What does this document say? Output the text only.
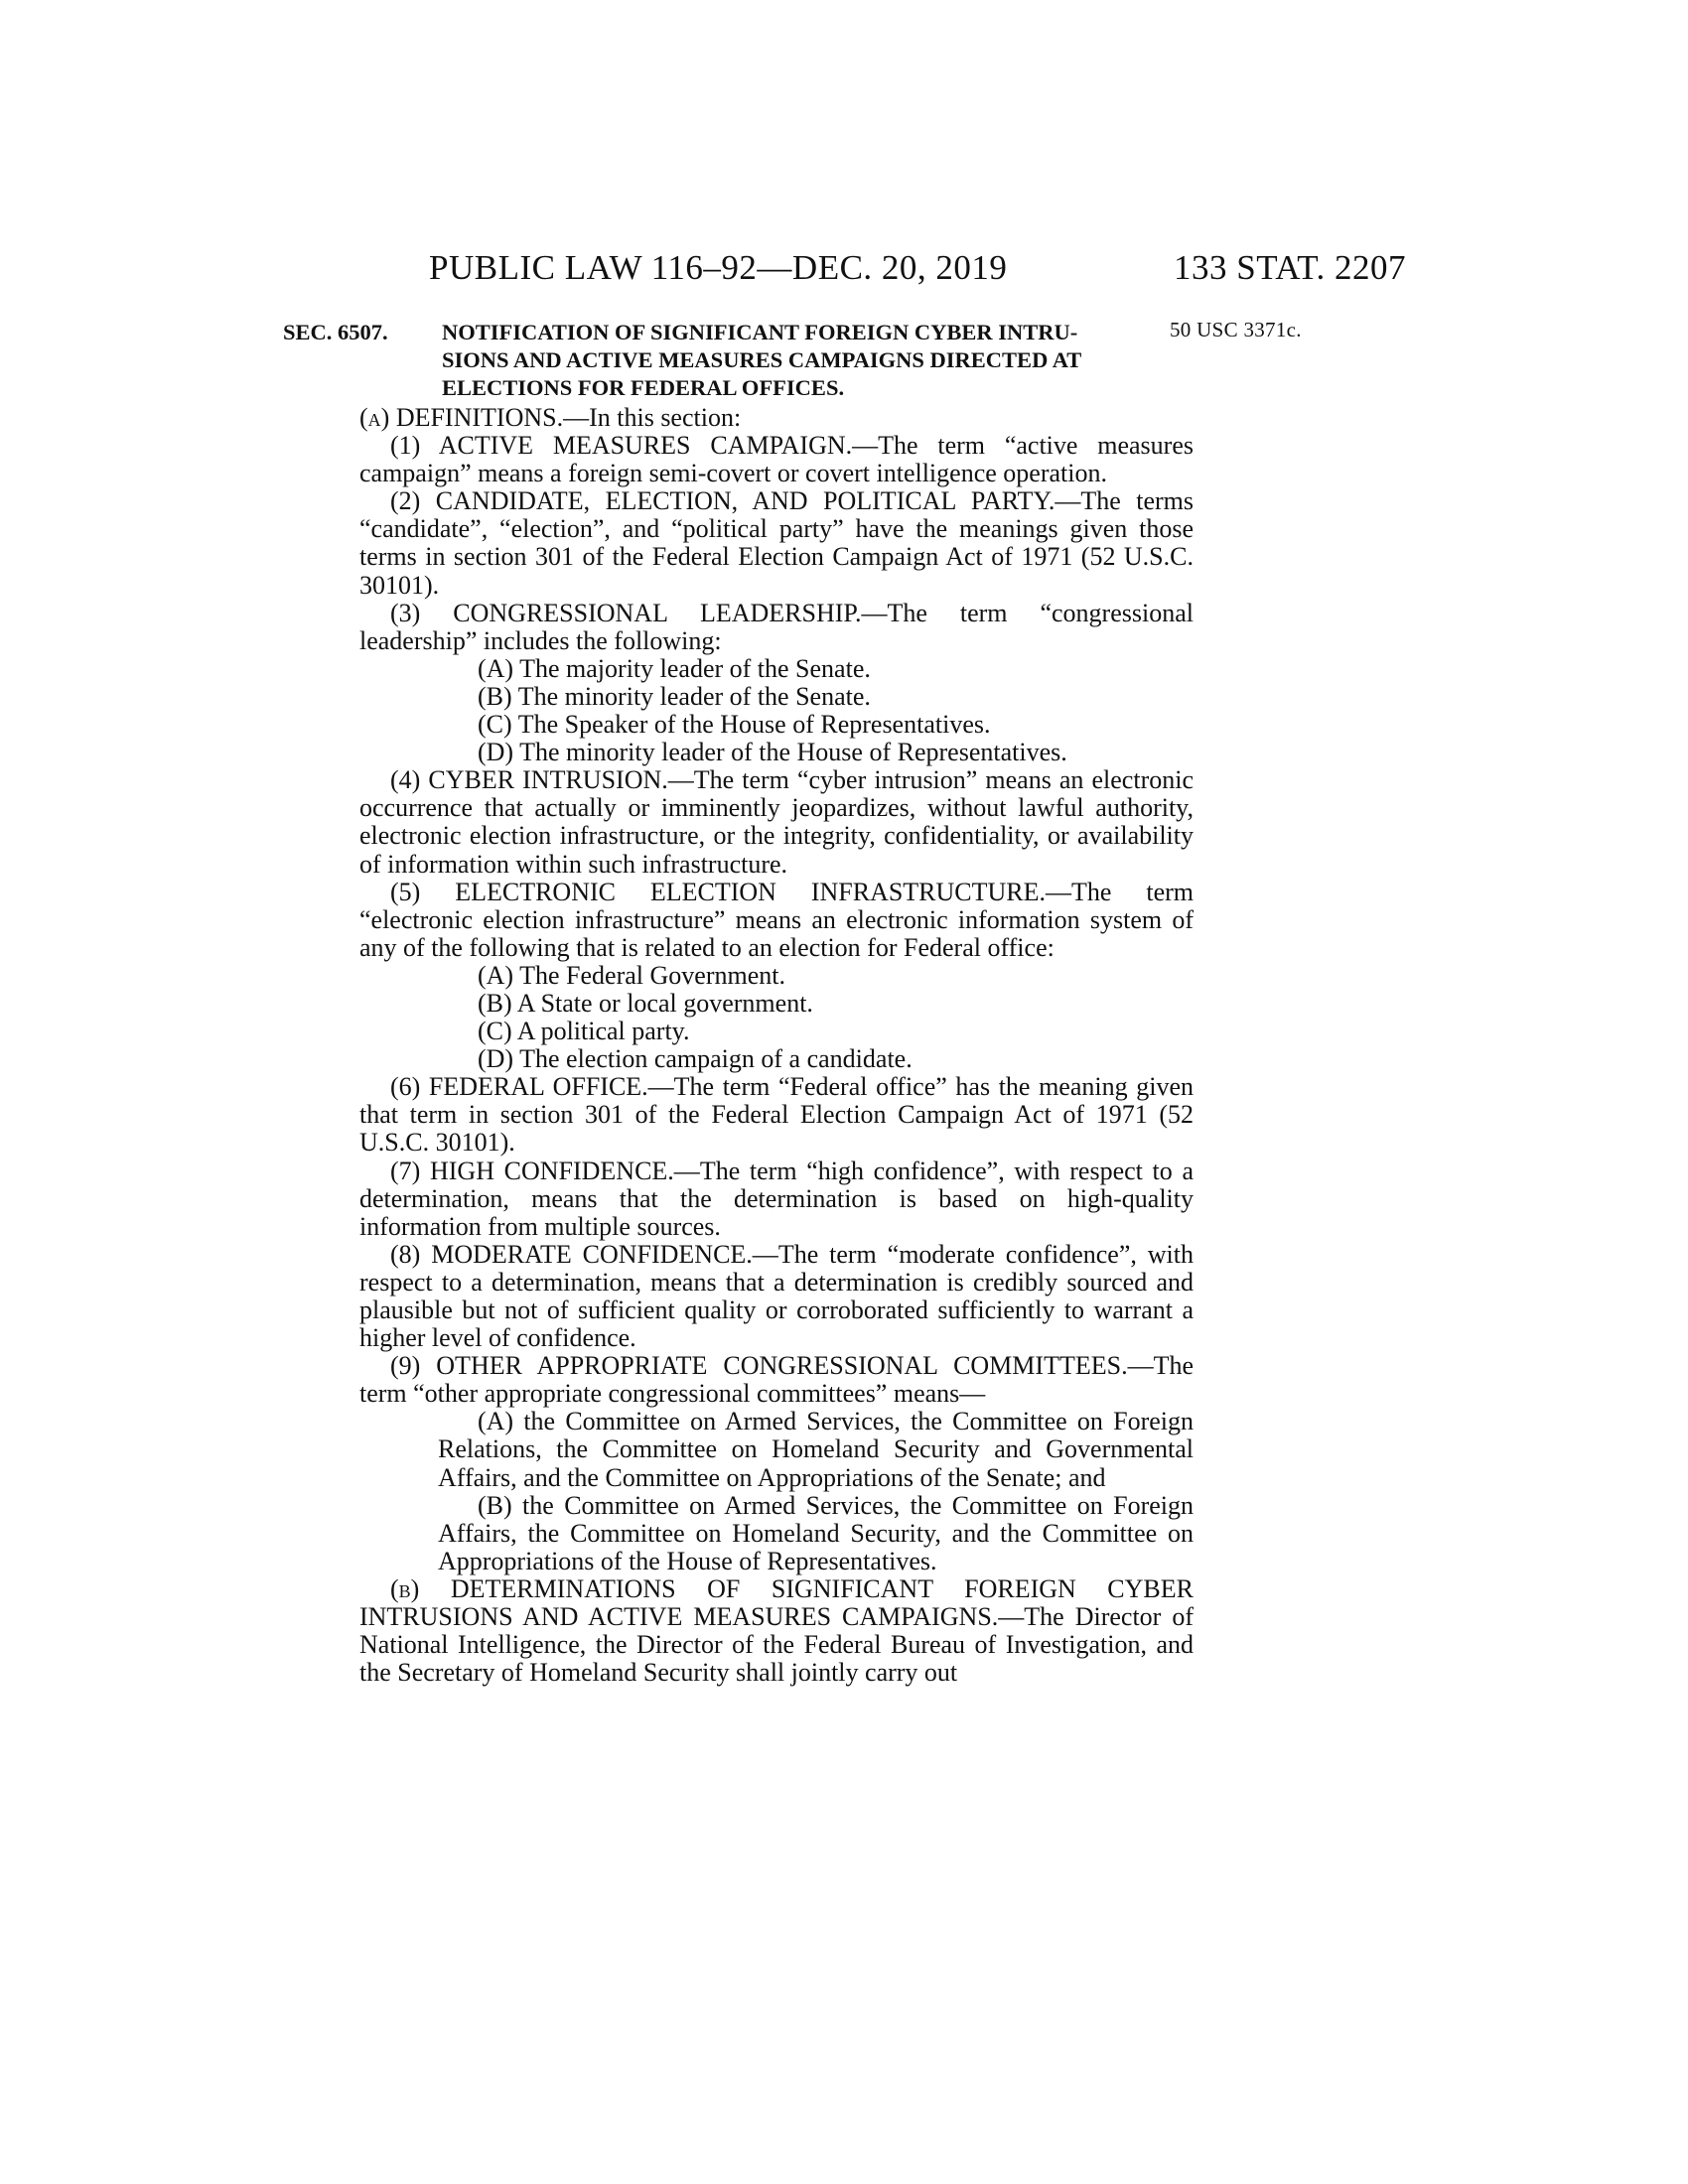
PUBLIC LAW 116–92—DEC. 20, 2019	133 STAT. 2207
50 USC 3371c.
SEC. 6507. NOTIFICATION OF SIGNIFICANT FOREIGN CYBER INTRU-
SIONS AND ACTIVE MEASURES CAMPAIGNS DIRECTED AT
ELECTIONS FOR FEDERAL OFFICES.

(a) DEFINITIONS.—In this section:

(1) ACTIVE MEASURES CAMPAIGN.—The term “active measures campaign” means a foreign semi-covert or covert intelligence operation.

(2) CANDIDATE, ELECTION, AND POLITICAL PARTY.—The terms “candidate”, “election”, and “political party” have the meanings given those terms in section 301 of the Federal Election Campaign Act of 1971 (52 U.S.C. 30101).

(3) CONGRESSIONAL LEADERSHIP.—The term “congressional leadership” includes the following:

(A) The majority leader of the Senate.

(B) The minority leader of the Senate.

(C) The Speaker of the House of Representatives.

(D) The minority leader of the House of Representatives.

(4) CYBER INTRUSION.—The term “cyber intrusion” means an electronic occurrence that actually or imminently jeopardizes, without lawful authority, electronic election infrastructure, or the integrity, confidentiality, or availability of information within such infrastructure.

(5) ELECTRONIC ELECTION INFRASTRUCTURE.—The term “electronic election infrastructure” means an electronic information system of any of the following that is related to an election for Federal office:

(A) The Federal Government.

(B) A State or local government.

(C) A political party.

(D) The election campaign of a candidate.

(6) FEDERAL OFFICE.—The term “Federal office” has the meaning given that term in section 301 of the Federal Election Campaign Act of 1971 (52 U.S.C. 30101).

(7) HIGH CONFIDENCE.—The term “high confidence”, with respect to a determination, means that the determination is based on high-quality information from multiple sources.

(8) MODERATE CONFIDENCE.—The term “moderate confidence”, with respect to a determination, means that a determination is credibly sourced and plausible but not of sufficient quality or corroborated sufficiently to warrant a higher level of confidence.

(9) OTHER APPROPRIATE CONGRESSIONAL COMMITTEES.—The term “other appropriate congressional committees” means—

(A) the Committee on Armed Services, the Committee on Foreign Relations, the Committee on Homeland Security and Governmental Affairs, and the Committee on Appropriations of the Senate; and

(B) the Committee on Armed Services, the Committee on Foreign Affairs, the Committee on Homeland Security, and the Committee on Appropriations of the House of Representatives.

(b) DETERMINATIONS OF SIGNIFICANT FOREIGN CYBER INTRUSIONS AND ACTIVE MEASURES CAMPAIGNS.—The Director of National Intelligence, the Director of the Federal Bureau of Investigation, and the Secretary of Homeland Security shall jointly carry out
